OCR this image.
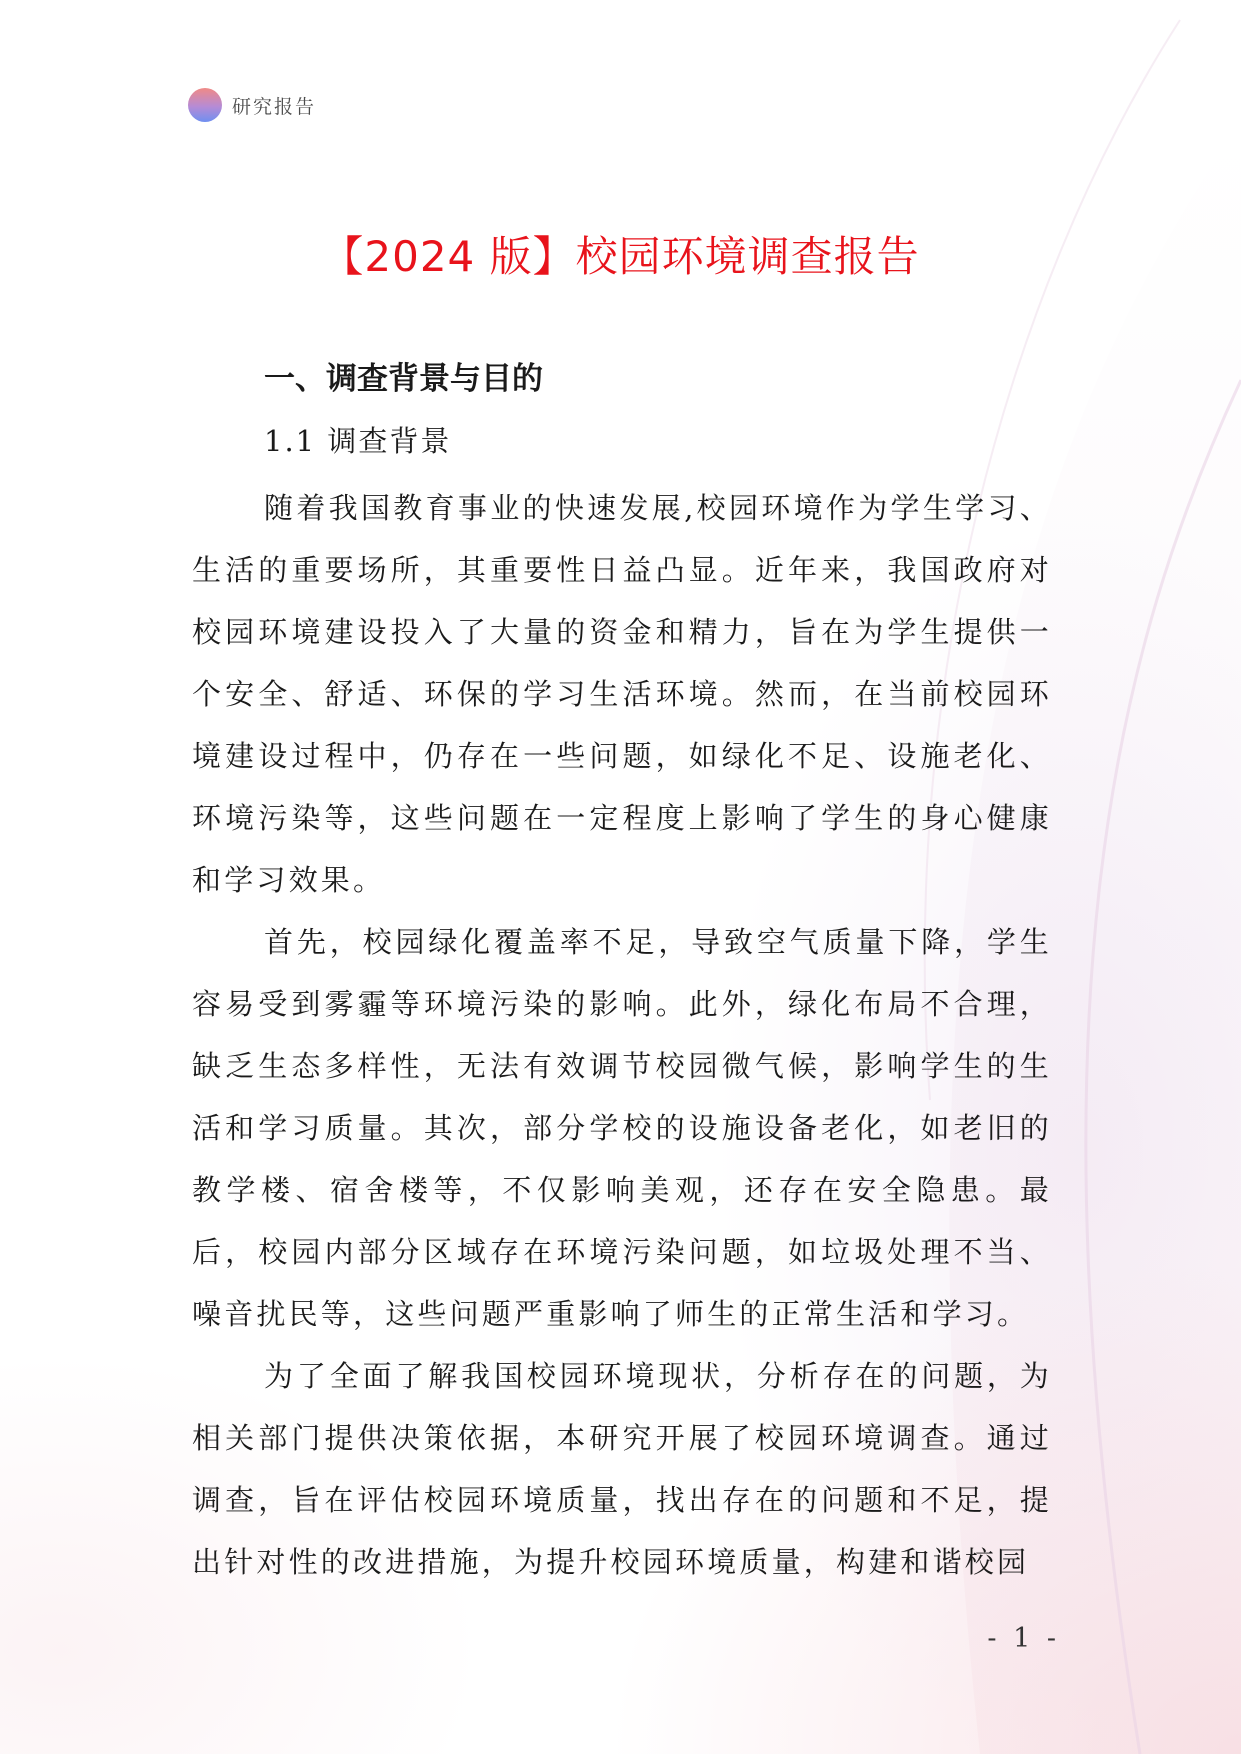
研究报告
【2024 版】校园环境调查报告
一、调查背景与目的
1.1 调查背景

随着我国教育事业的快速发展,校园环境作为学生学习、生活的重要场所，其重要性日益凸显。近年来，我国政府对校园环境建设投入了大量的资金和精力，旨在为学生提供一个安全、舒适、环保的学习生活环境。然而，在当前校园环境建设过程中，仍存在一些问题，如绿化不足、设施老化、环境污染等，这些问题在一定程度上影响了学生的身心健康和学习效果。

首先，校园绿化覆盖率不足，导致空气质量下降，学生容易受到雾霾等环境污染的影响。此外，绿化布局不合理，缺乏生态多样性，无法有效调节校园微气候，影响学生的生活和学习质量。其次，部分学校的设施设备老化，如老旧的教学楼、宿舍楼等，不仅影响美观，还存在安全隐患。最后，校园内部分区域存在环境污染问题，如垃圾处理不当、噪音扰民等，这些问题严重影响了师生的正常生活和学习。

为了全面了解我国校园环境现状，分析存在的问题，为相关部门提供决策依据，本研究开展了校园环境调查。通过调查，旨在评估校园环境质量，找出存在的问题和不足，提出针对性的改进措施，为提升校园环境质量，构建和谐校园

- 1 -
